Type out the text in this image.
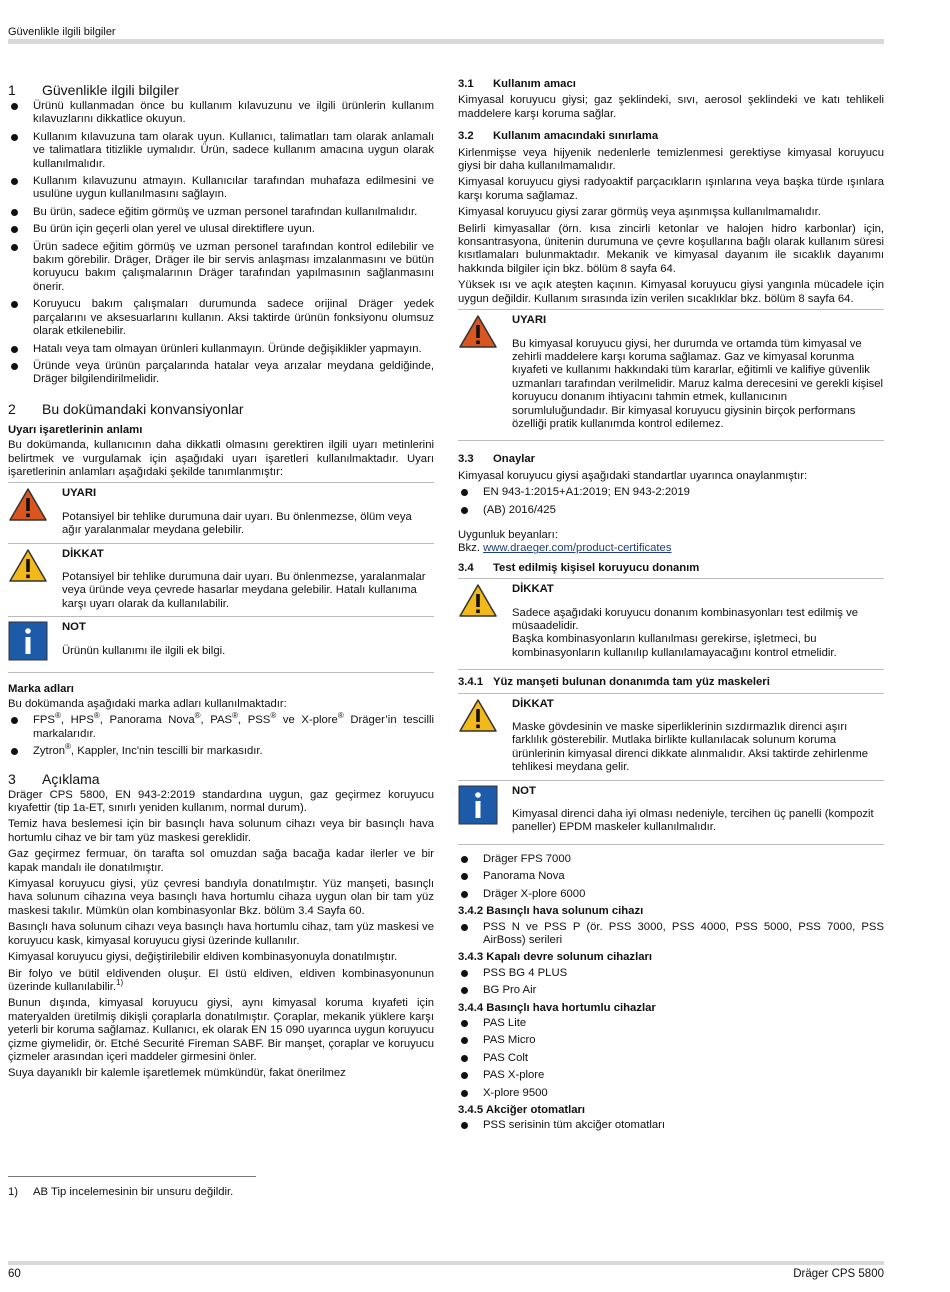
Güvenlikle ilgili bilgiler
1	Güvenlikle ilgili bilgiler
Ürünü kullanmadan önce bu kullanım kılavuzunu ve ilgili ürünlerin kullanım kılavuzlarını dikkatlice okuyun.
Kullanım kılavuzuna tam olarak uyun. Kullanıcı, talimatları tam olarak anlamalı ve talimatlara titizlikle uymalıdır. Ürün, sadece kullanım amacına uygun olarak kullanılmalıdır.
Kullanım kılavuzunu atmayın. Kullanıcılar tarafından muhafaza edilmesini ve usulüne uygun kullanılmasını sağlayın.
Bu ürün, sadece eğitim görmüş ve uzman personel tarafından kullanılmalıdır.
Bu ürün için geçerli olan yerel ve ulusal direktiflere uyun.
Ürün sadece eğitim görmüş ve uzman personel tarafından kontrol edilebilir ve bakım görebilir. Dräger, Dräger ile bir servis anlaşması imzalanmasını ve bütün koruyucu bakım çalışmalarının Dräger tarafından yapılmasının sağlanmasını önerir.
Koruyucu bakım çalışmaları durumunda sadece orijinal Dräger yedek parçalarını ve aksesuarlarını kullanın. Aksi taktirde ürünün fonksiyonu olumsuz olarak etkilenebilir.
Hatalı veya tam olmayan ürünleri kullanmayın. Üründe değişiklikler yapmayın.
Üründe veya ürünün parçalarında hatalar veya arızalar meydana geldiğinde, Dräger bilgilendirilmelidir.
2	Bu dokümandaki konvansiyonlar
Uyarı işaretlerinin anlamı

Bu dokümanda, kullanıcının daha dikkatli olmasını gerektiren ilgili uyarı metinlerini belirtmek ve vurgulamak için aşağıdaki uyarı işaretleri kullanılmaktadır. Uyarı işaretlerinin anlamları aşağıdaki şekilde tanımlanmıştır:

UYARI

Potansiyel bir tehlike durumuna dair uyarı. Bu önlenmezse, ölüm veya ağır yaralanmalar meydana gelebilir.

DİKKAT

Potansiyel bir tehlike durumuna dair uyarı. Bu önlenmezse, yaralanmalar veya üründe veya çevrede hasarlar meydana gelebilir. Hatalı kullanıma karşı uyarı olarak da kullanılabilir.

NOT

Ürünün kullanımı ile ilgili ek bilgi.

Marka adları

Bu dokümanda aşağıdaki marka adları kullanılmaktadır:

FPS®, HPS®, Panorama Nova®, PAS®, PSS® ve X-plore® Dräger’in tescilli markalarıdır.
Zytron®, Kappler, Inc'nin tescilli bir markasıdır.
3	Açıklama

Dräger CPS 5800, EN 943-2:2019 standardına uygun, gaz geçirmez koruyucu kıyafettir (tip 1a-ET, sınırlı yeniden kullanım, normal durum).

Temiz hava beslemesi için bir basınçlı hava solunum cihazı veya bir basınçlı hava hortumlu cihaz ve bir tam yüz maskesi gereklidir.

Gaz geçirmez fermuar, ön tarafta sol omuzdan sağa bacağa kadar ilerler ve bir kapak mandalı ile donatılmıştır.

Kimyasal koruyucu giysi, yüz çevresi bandıyla donatılmıştır. Yüz manşeti, basınçlı hava solunum cihazına veya basınçlı hava hortumlu cihaza uygun olan bir tam yüz maskesi takılır. Mümkün olan kombinasyonlar Bkz. bölüm 3.4 Sayfa 60.

Basınçlı hava solunum cihazı veya basınçlı hava hortumlu cihaz, tam yüz maskesi ve koruyucu kask, kimyasal koruyucu giysi üzerinde kullanılır.

Kimyasal koruyucu giysi, değiştirilebilir eldiven kombinasyonuyla donatılmıştır.

Bir folyo ve bütil eldivenden oluşur. El üstü eldiven, eldiven kombinasyonunun üzerinde kullanılabilir.$^{1)}$

Bunun dışında, kimyasal koruyucu giysi, aynı kimyasal koruma kıyafeti için materyalden üretilmiş dikişli çoraplarla donatılmıştır. Çoraplar, mekanik yüklere karşı yeterli bir koruma sağlamaz. Kullanıcı, ek olarak EN 15 090 uyarınca uygun koruyucu çizme giymelidir, ör. Etché Securité Fireman SABF. Bir manşet, çoraplar ve koruyucu çizmeler arasından içeri maddeler girmesini önler.

Suya dayanıklı bir kalemle işaretlemek mümkündür, fakat önerilmez

1)	AB Tip incelemesinin bir unsuru değildir.
3.1	Kullanım amacı

Kimyasal koruyucu giysi; gaz şeklindeki, sıvı, aerosol şeklindeki ve katı tehlikeli maddelere karşı koruma sağlar.

3.2	Kullanım amacındaki sınırlama

Kirlenmişse veya hijyenik nedenlerle temizlenmesi gerektiyse kimyasal koruyucu giysi bir daha kullanılmamalıdır.

Kimyasal koruyucu giysi radyoaktif parçacıkların ışınlarına veya başka türde ışınlara karşı koruma sağlamaz.

Kimyasal koruyucu giysi zarar görmüş veya aşınmışsa kullanılmamalıdır.

Belirli kimyasallar (örn. kısa zincirli ketonlar ve halojen hidro karbonlar) için, konsantrasyona, ünitenin durumuna ve çevre koşullarına bağlı olarak kullanım süresi kısıtlamaları bulunmaktadır. Mekanik ve kimyasal dayanım ile sıcaklık dayanımı hakkında bilgiler için bkz. bölüm 8 sayfa 64.

Yüksek ısı ve açık ateşten kaçının. Kimyasal koruyucu giysi yangınla mücadele için uygun değildir. Kullanım sırasında izin verilen sıcaklıklar bkz. bölüm 8 sayfa 64.

UYARI

Bu kimyasal koruyucu giysi, her durumda ve ortamda tüm kimyasal ve zehirli maddelere karşı koruma sağlamaz. Gaz ve kimyasal korunma kıyafeti ve kullanımı hakkındaki tüm kararlar, eğitimli ve kalifiye güvenlik uzmanları tarafından verilmelidir. Maruz kalma derecesini ve gerekli kişisel koruyucu donanım ihtiyacını tahmin etmek, kullanıcının sorumluluğundadır. Bir kimyasal koruyucu giysinin birçok performans özelliği pratik kullanımda kontrol edilemez.

3.3	Onaylar

Kimyasal koruyucu giysi aşağıdaki standartlar uyarınca onaylanmıştır:

EN 943-1:2015+A1:2019; EN 943-2:2019
(AB) 2016/425

Uygunluk beyanları:

Bkz. www.draeger.com/product-certificates

3.4	Test edilmiş kişisel koruyucu donanım
DİKKAT

Sadece aşağıdaki koruyucu donanım kombinasyonları test edilmiş ve müsaadelidir.

Başka kombinasyonların kullanılması gerekirse, işletmeci, bu kombinasyonların kullanılıp kullanılamayacağını kontrol etmelidir.

3.4.1 Yüz manşeti bulunan donanımda tam yüz maskeleri
DİKKAT

Maske gövdesinin ve maske siperliklerinin sızdırmazlık direnci aşırı farklılık gösterebilir. Mutlaka birlikte kullanılacak solunum koruma ürünlerinin kimyasal direnci dikkate alınmalıdır. Aksi taktirde zehirlenme tehlikesi meydana gelir.

NOT

Kimyasal direnci daha iyi olması nedeniyle, tercihen üç panelli (kompozit paneller) EPDM maskeler kullanılmalıdır.

Dräger FPS 7000
Panorama Nova
Dräger X-plore 6000
3.4.2 Basınçlı hava solunum cihazı
PSS N ve PSS P (ör. PSS 3000, PSS 4000, PSS 5000, PSS 7000, PSS AirBoss) serileri
3.4.3 Kapalı devre solunum cihazları
PSS BG 4 PLUS
BG Pro Air
3.4.4 Basınçlı hava hortumlu cihazlar
PAS Lite
PAS Micro
PAS Colt
PAS X-plore
X-plore 9500
3.4.5 Akciğer otomatları
PSS serisinin tüm akciğer otomatları
60	Dräger CPS 5800
